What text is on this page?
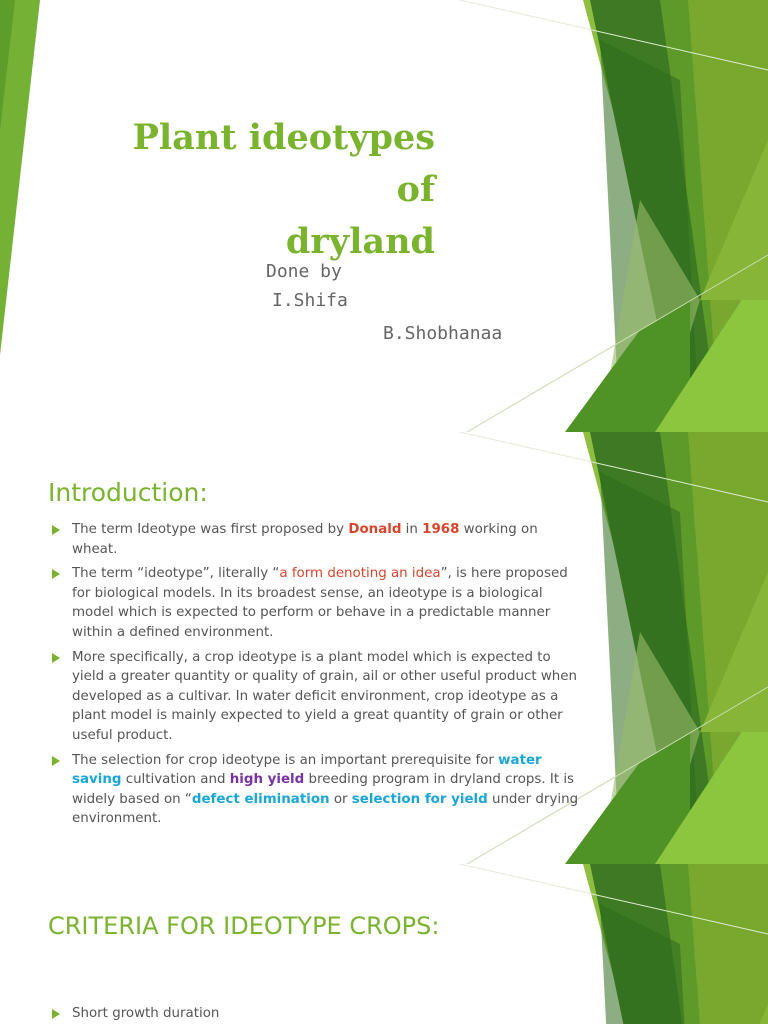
Plant ideotypes of
dryland
Done by
I.Shifa
B.Shobhanaa
Introduction:
The term Ideotype was first proposed by Donald in 1968 working on wheat.
The term “ideotype”, literally “a form denoting an idea”, is here proposed for biological models. In its broadest sense, an ideotype is a biological model which is expected to perform or behave in a predictable manner within a defined environment.
More specifically, a crop ideotype is a plant model which is expected to yield a greater quantity or quality of grain, ail or other useful product when developed as a cultivar. In water deficit environment, crop ideotype as a plant model is mainly expected to yield a great quantity of grain or other useful product.
The selection for crop ideotype is an important prerequisite for water saving cultivation and high yield breeding program in dryland crops. It is widely based on “defect elimination or selection for yield under drying environment.
CRITERIA FOR IDEOTYPE CROPS:
Short growth duration
